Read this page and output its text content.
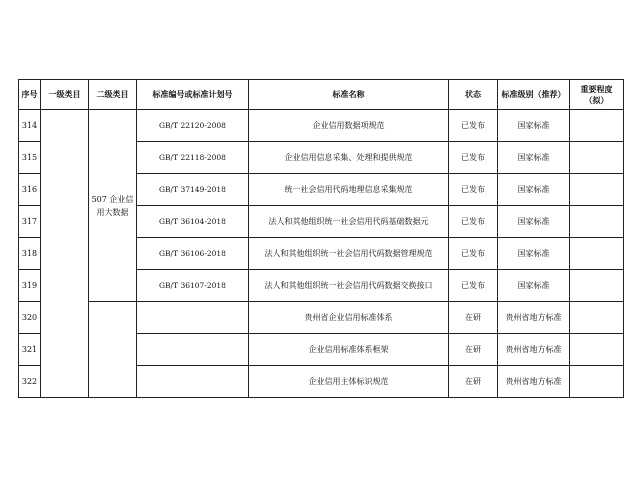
序号	一级类目	二级类目	标准编号或标准计划号	标准名称	状态	标准级别（推荐）	重要程度（拟）
314		507 企业信用大数据	GB/T 22120-2008	企业信用数据项规范	已发布	国家标准	
315			GB/T 22118-2008	企业信用信息采集、处理和提供规范	已发布	国家标准	
316			GB/T 37149-2018	统一社会信用代码地理信息采集规范	已发布	国家标准	
317			GB/T 36104-2018	法人和其他组织统一社会信用代码基础数据元	已发布	国家标准	
318			GB/T 36106-2018	法人和其他组织统一社会信用代码数据管理规范	已发布	国家标准	
319			GB/T 36107-2018	法人和其他组织统一社会信用代码数据交换接口	已发布	国家标准	
320				贵州省企业信用标准体系	在研	贵州省地方标准	
321				企业信用标准体系框架	在研	贵州省地方标准	
322				企业信用主体标识规范	在研	贵州省地方标准	
